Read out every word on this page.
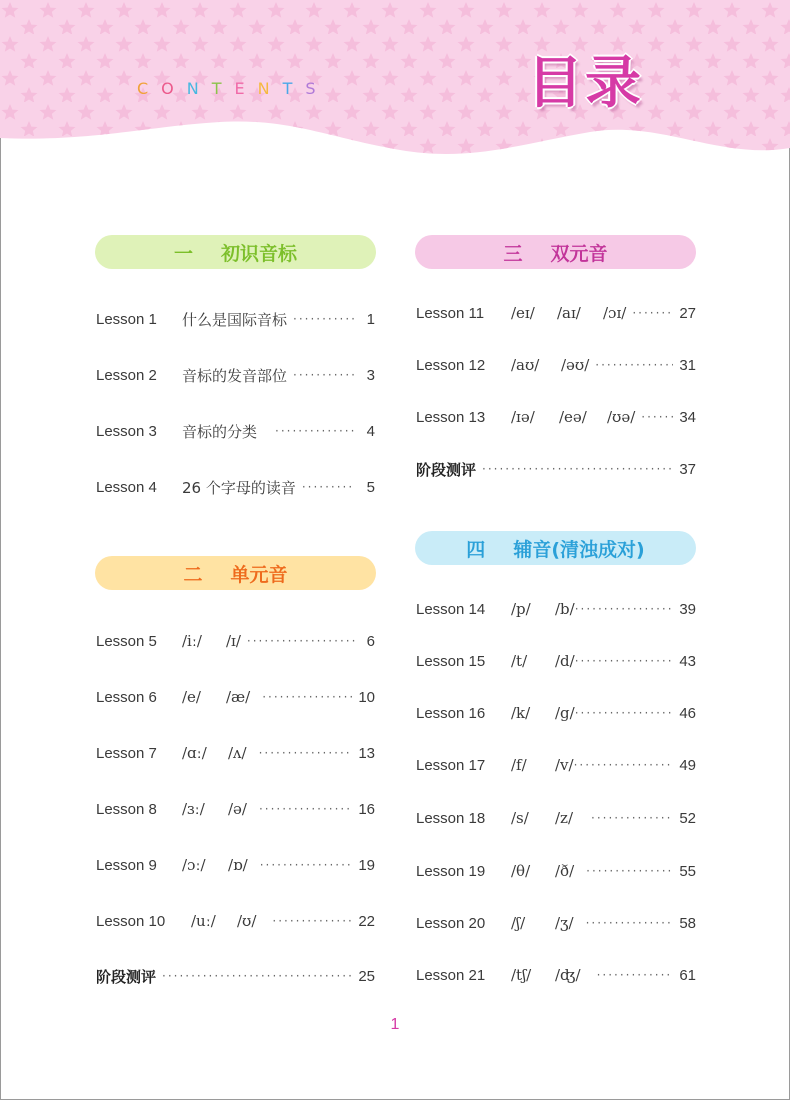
CONTENTS	目录
一 初识音标
Lesson 1	什么是国际音标 ·····	1
Lesson 2	音标的发音部位 ·····	3
Lesson 3	音标的分类 ·····	4
Lesson 4	26 个字母的读音 ·····	5
二 单元音
Lesson 5	/iː/	/ɪ/ ·····	6
Lesson 6	/e/	/æ/ ·····	10
Lesson 7	/ɑː/	/ʌ/ ·····	13
Lesson 8	/ɜː/	/ə/ ·····	16
Lesson 9	/ɔː/	/ɒ/ ·····	19
Lesson 10	/uː/	/ʊ/ ·····	22
阶段测评 ·····	25
三 双元音
Lesson 11	/eɪ/	/aɪ/	/ɔɪ/ ·····	27
Lesson 12	/aʊ/	/əʊ/ ·····	31
Lesson 13	/ɪə/	/eə/	/ʊə/ ·····	34
阶段测评 ·····	37
四 辅音(清浊成对)
Lesson 14	/p/	/b/ ·····	39
Lesson 15	/t/	/d/ ·····	43
Lesson 16	/k/	/g/ ·····	46
Lesson 17	/f/	/v/ ·····	49
Lesson 18	/s/	/z/ ·····	52
Lesson 19	/θ/	/ð/ ·····	55
Lesson 20	/ʃ/	/ʒ/ ·····	58
Lesson 21	/tʃ/	/ʤ/ ·····	61
1
